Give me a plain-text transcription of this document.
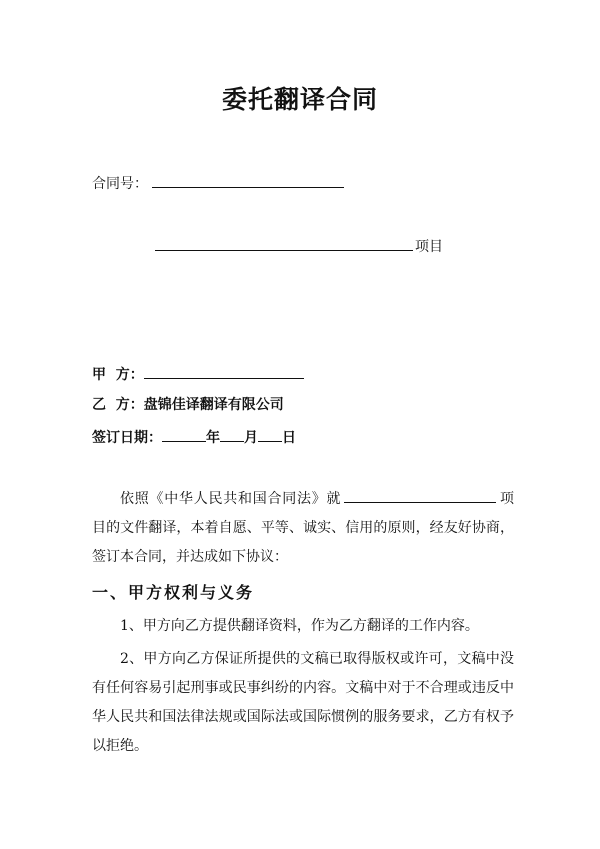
委托翻译合同
合同号：
项目
甲  方：
乙  方：盘锦佳译翻译有限公司
签订日期：	年 月 日
依照《中华人民共和国合同法》就	项目的文件翻译，本着自愿、平等、诚实、信用的原则，经友好协商，签订本合同，并达成如下协议：
一、甲方权利与义务
1、甲方向乙方提供翻译资料，作为乙方翻译的工作内容。
2、甲方向乙方保证所提供的文稿已取得版权或许可，文稿中没有任何容易引起刑事或民事纠纷的内容。文稿中对于不合理或违反中华人民共和国法律法规或国际法或国际惯例的服务要求，乙方有权予以拒绝。
